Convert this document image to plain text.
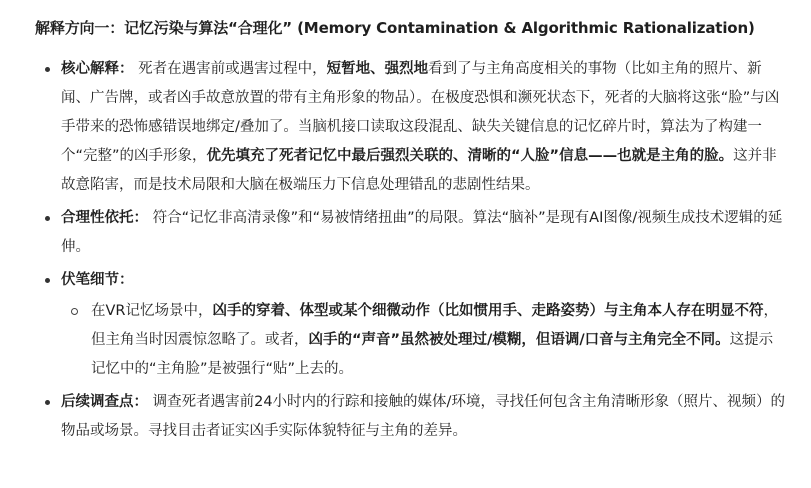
解释方向一：记忆污染与算法“合理化” (Memory Contamination & Algorithmic Rationalization)
核心解释： 死者在遇害前或遇害过程中，短暂地、强烈地看到了与主角高度相关的事物（比如主角的照片、新闻、广告牌，或者凶手故意放置的带有主角形象的物品）。在极度恐惧和濒死状态下，死者的大脑将这张“脸”与凶手带来的恐怖感错误地绑定/叠加了。当脑机接口读取这段混乱、缺失关键信息的记忆碎片时，算法为了构建一个“完整”的凶手形象，优先填充了死者记忆中最后强烈关联的、清晰的“人脸”信息——也就是主角的脸。这并非故意陷害，而是技术局限和大脑在极端压力下信息处理错乱的悲剧性结果。
合理性依托： 符合“记忆非高清录像”和“易被情绪扭曲”的局限。算法“脑补”是现有AI图像/视频生成技术逻辑的延伸。
伏笔细节：
在VR记忆场景中，凶手的穿着、体型或某个细微动作（比如惯用手、走路姿势）与主角本人存在明显不符，但主角当时因震惊忽略了。或者，凶手的“声音”虽然被处理过/模糊，但语调/口音与主角完全不同。这提示记忆中的“主角脸”是被强行“贴”上去的。
后续调查点： 调查死者遇害前24小时内的行踪和接触的媒体/环境，寻找任何包含主角清晰形象（照片、视频）的物品或场景。寻找目击者证实凶手实际体貌特征与主角的差异。
